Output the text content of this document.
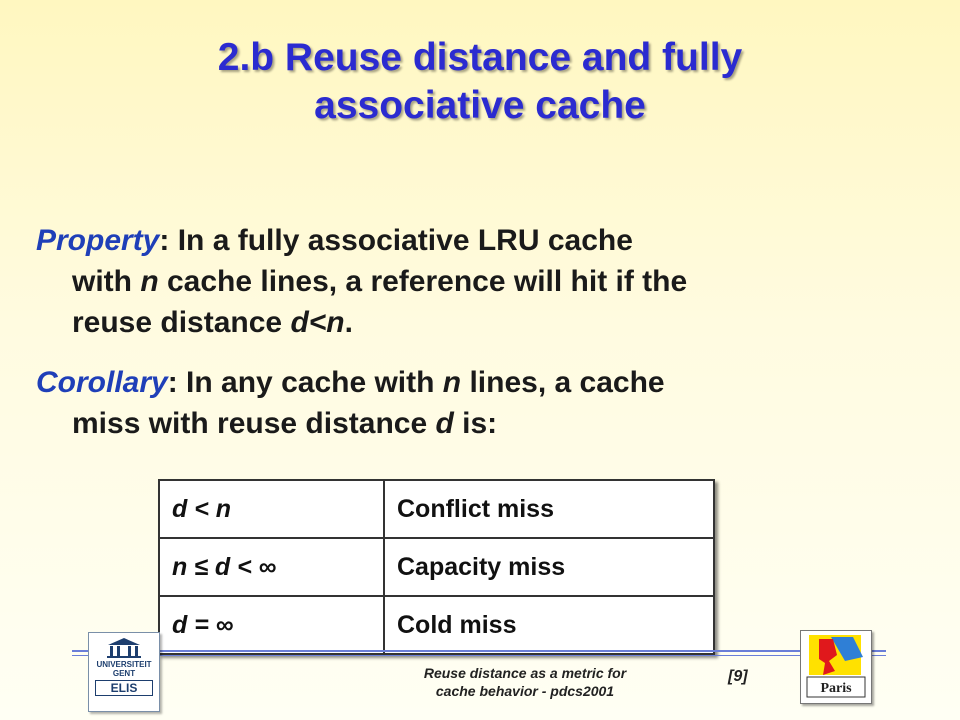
2.b Reuse distance and fully
associative cache
Property: In a fully associative LRU cache
with n cache lines, a reference will hit if the
reuse distance d<n.
Corollary: In any cache with n lines, a cache
miss with reuse distance d is:
d < n	Conflict miss
n ≤ d < ∞	Capacity miss
d = ∞	Cold miss
UNIVERSITEIT
GENT
ELIS
Reuse distance as a metric for cache behavior - pdcs2001
[9]
Paris
